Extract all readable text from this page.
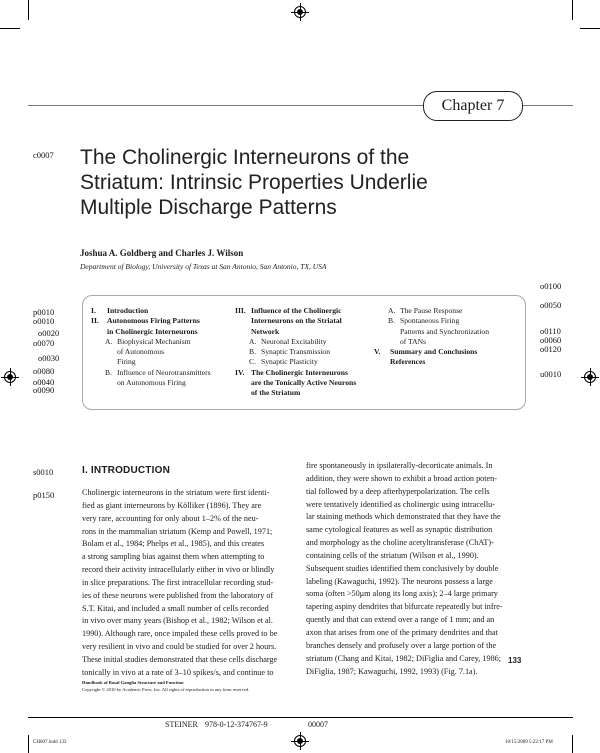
Chapter 7
c0007 The Cholinergic Interneurons of the
Striatum: Intrinsic Properties Underlie
Multiple Discharge Patterns
Joshua A. Goldberg and Charles J. Wilson
Department of Biology, University of Texas at San Antonio, San Antonio, TX, USA
p0010
o0010
o0020
o0070
o0030
o0080
o0040
o0090
o0100
o0050
o0110
o0060
o0120
u0010
I. Introduction
II. Autonomous Firing Patterns
in Cholinergic Interneurons
A. Biophysical Mechanism
of Autonomous
Firing
B. Influence of Neurotransmitters
on Autonomous Firing
III. Influence of the Cholinergic
Interneurons on the Striatal
Network
A. Neuronal Excitability
B. Synaptic Transmission
C. Synaptic Plasticity
IV. The Cholinergic Interneurons
are the Tonically Active Neurons
of the Striatum
A. The Pause Response
B. Spontaneous Firing
Patterns and Synchronization
of TANs
V. Summary and Conclusions
References
s0010	I. INTRODUCTION
p0150	Cholinergic interneurons in the striatum were first identi-
fied as giant interneurons by Kölliker (1896). They are
very rare, accounting for only about 1–2% of the neu-
rons in the mammalian striatum (Kemp and Powell, 1971;
Bolam et al., 1984; Phelps et al., 1985), and this creates
a strong sampling bias against them when attempting to
record their activity intracellularly either in vivo or blindly
in slice preparations. The first intracellular recording stud-
ies of these neurons were published from the laboratory of
S.T. Kitai, and included a small number of cells recorded
in vivo over many years (Bishop et al., 1982; Wilson et al.
1990). Although rare, once impaled these cells proved to be
very resilient in vivo and could be studied for over 2 hours.
These initial studies demonstrated that these cells discharge
tonically in vivo at a rate of 3–10 spikes/s, and continue to
fire spontaneously in ipsilaterally-decorticate animals. In
addition, they were shown to exhibit a broad action poten-
tial followed by a deep afterhyperpolarization. The cells
were tentatively identified as cholinergic using intracellu-
lar staining methods which demonstrated that they have the
same cytological features as well as synaptic distribution
and morphology as the choline acetyltransferase (ChAT)-
containing cells of the striatum (Wilson et al., 1990).
Subsequent studies identified them conclusively by double
labeling (Kawaguchi, 1992). The neurons possess a large
soma (often >50μm along its long axis); 2–4 large primary
tapering aspiny dendrites that bifurcate repeatedly but infre-
quently and that can extend over a range of 1 mm; and an
axon that arises from one of the primary dendrites and that
branches densely and profusely over a large portion of the
striatum (Chang and Kitai, 1982; DiFiglia and Carey, 1986;
DiFiglia, 1987; Kawaguchi, 1992, 1993) (Fig. 7.1a).
Handbook of Basal Ganglia Structure and Function
Copyright © 2010 by Academic Press. Inc. All rights of reproduction in any form reserved.
133
STEINER 978-0-12-374767-9	00007
CH007.indd 133	10/15/2009 5:22:17 PM
